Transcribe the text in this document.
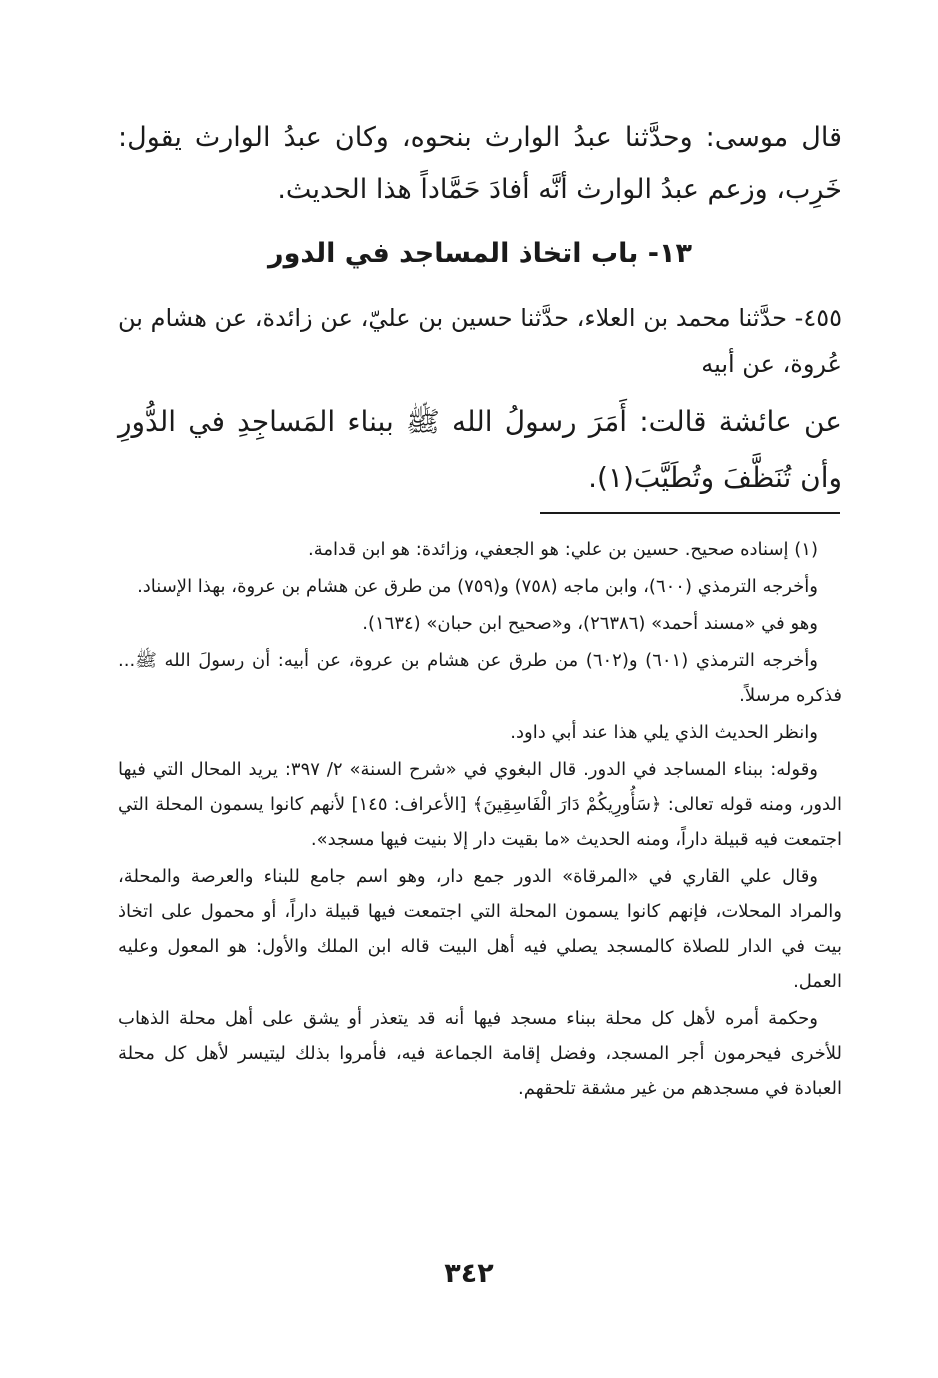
قال موسى: وحدَّثنا عبدُ الوارث بنحوه، وكان عبدُ الوارث يقول: خَرِب، وزعم عبدُ الوارث أنَّه أفادَ حَمَّاداً هذا الحديث.

١٣- باب اتخاذ المساجد في الدور

٤٥٥- حدَّثنا محمد بن العلاء، حدَّثنا حسين بن عليّ، عن زائدة، عن هشام بن عُروة، عن أبيه

عن عائشة قالت: أَمَرَ رسولُ الله ﷺ ببناء المَساجِدِ في الدُّورِ وأن تُنَظَّفَ وتُطَيَّبَ(١).

(١) إسناده صحيح. حسين بن علي: هو الجعفي، وزائدة: هو ابن قدامة.

وأخرجه الترمذي (٦٠٠)، وابن ماجه (٧٥٨) و(٧٥٩) من طرق عن هشام بن عروة، بهذا الإسناد.

وهو في «مسند أحمد» (٢٦٣٨٦)، و«صحيح ابن حبان» (١٦٣٤).

وأخرجه الترمذي (٦٠١) و(٦٠٢) من طرق عن هشام بن عروة، عن أبيه: أن رسولَ الله ﷺ... فذكره مرسلاً.

وانظر الحديث الذي يلي هذا عند أبي داود.

وقوله: ببناء المساجد في الدور. قال البغوي في «شرح السنة» ٢/ ٣٩٧: يريد المحال التي فيها الدور، ومنه قوله تعالى: ﴿سَأُورِيكُمْ دَارَ الْفَاسِقِينَ﴾ [الأعراف: ١٤٥] لأنهم كانوا يسمون المحلة التي اجتمعت فيه قبيلة داراً، ومنه الحديث «ما بقيت دار إلا بنيت فيها مسجد».

وقال علي القاري في «المرقاة» الدور جمع دار، وهو اسم جامع للبناء والعرصة والمحلة، والمراد المحلات، فإنهم كانوا يسمون المحلة التي اجتمعت فيها قبيلة داراً، أو محمول على اتخاذ بيت في الدار للصلاة كالمسجد يصلي فيه أهل البيت قاله ابن الملك والأول: هو المعول وعليه العمل.

وحكمة أمره لأهل كل محلة ببناء مسجد فيها أنه قد يتعذر أو يشق على أهل محلة الذهاب للأخرى فيحرمون أجر المسجد، وفضل إقامة الجماعة فيه، فأمروا بذلك ليتيسر لأهل كل محلة العبادة في مسجدهم من غير مشقة تلحقهم.

٣٤٢
